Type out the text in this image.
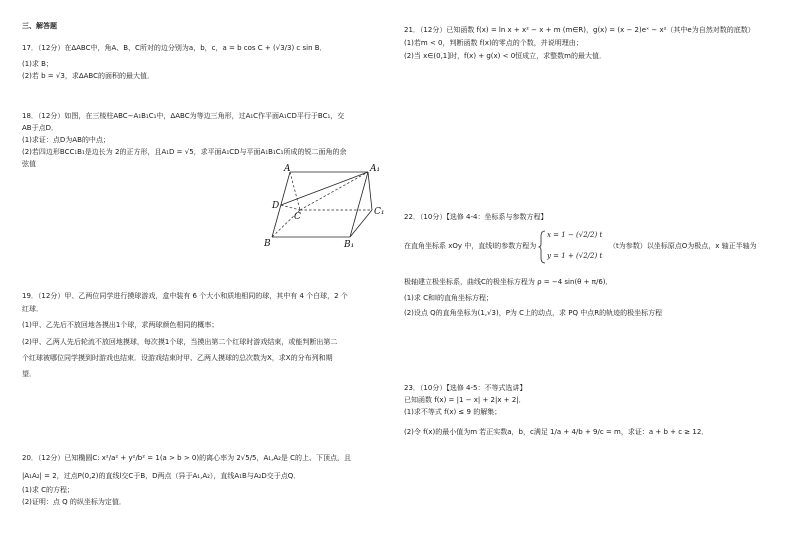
三、解答题
17．（12分）在ΔABC中，角A、B、C所对的边分别为a，b，c，a = b cos C + (√3/3) c sin B．
(1)求 B；
(2)若 b = √3，求ΔABC的面积的最大值．
18．（12分）如图，在三棱柱ABC−A₁B₁C₁中，ΔABC为等边三角形，过A₁C作平面A₁CD平行于BC₁，交
AB于点D．
(1)求证：点D为AB的中点；
(2)若四边形BCC₁B₁是边长为 2的正方形，且A₁D = √5，求平面A₁CD与平面A₁B₁C₁所成的锐二面角的余
弦值
19．（12分）甲、乙两位同学进行摸球游戏，盒中装有 6 个大小和质地相同的球，其中有 4 个白球，2 个
红球．
(1)甲、乙先后不放回地各摸出1个球，求两球颜色相同的概率；
(2)甲、乙两人先后轮流不放回地摸球，每次摸1个球，当摸出第二个红球时游戏结束，或能判断出第二
个红球被哪位同学摸到时游戏也结束．设游戏结束时甲、乙两人摸球的总次数为X，求X的分布列和期
望．
20．（12分）已知椭圆C: x²/a² + y²/b² = 1(a > b > 0)的离心率为 2√5/5，A₁,A₂是 C的上、下顶点，且
|A₁A₂| = 2，过点P(0,2)的直线l交C于B，D两点（异于A₁,A₂），直线A₁B与A₂D交于点Q．
(1)求 C的方程；
(2)证明：点 Q 的纵坐标为定值．
A	A₁
D
C	C₁
B	B₁
21．（12分）已知函数 f(x) = ln x + x² − x + m (m∈R)，g(x) = (x − 2)eˣ − x²（其中e为自然对数的底数）
(1)若m < 0，判断函数 f(x)的零点的个数，并说明理由；
(2)当 x∈(0,1]时，f(x) + g(x) < 0恒成立，求整数m的最大值．
22．（10分）【选修 4-4：坐标系与参数方程】
在直角坐标系 xOy 中，直线l的参数方程为
x = 1 − (√2/2) t
y = 1 + (√2/2) t
（t为参数）以坐标原点O为极点，x 轴正半轴为
极轴建立极坐标系，曲线C的极坐标方程为 ρ = −4 sin(θ + π/6)．
(1)求 C和l的直角坐标方程；
(2)设点 Q的直角坐标为(1,√3)，P为 C上的动点，求 PQ 中点R的轨迹的极坐标方程
23．（10分）【选修 4-5：不等式选讲】
已知函数 f(x) = |1 − x| + 2|x + 2|．
(1)求不等式 f(x) ≤ 9 的解集；
(2)令 f(x)的最小值为m 若正实数a，b，c满足 1/a + 4/b + 9/c = m，求证：a + b + c ≥ 12．
